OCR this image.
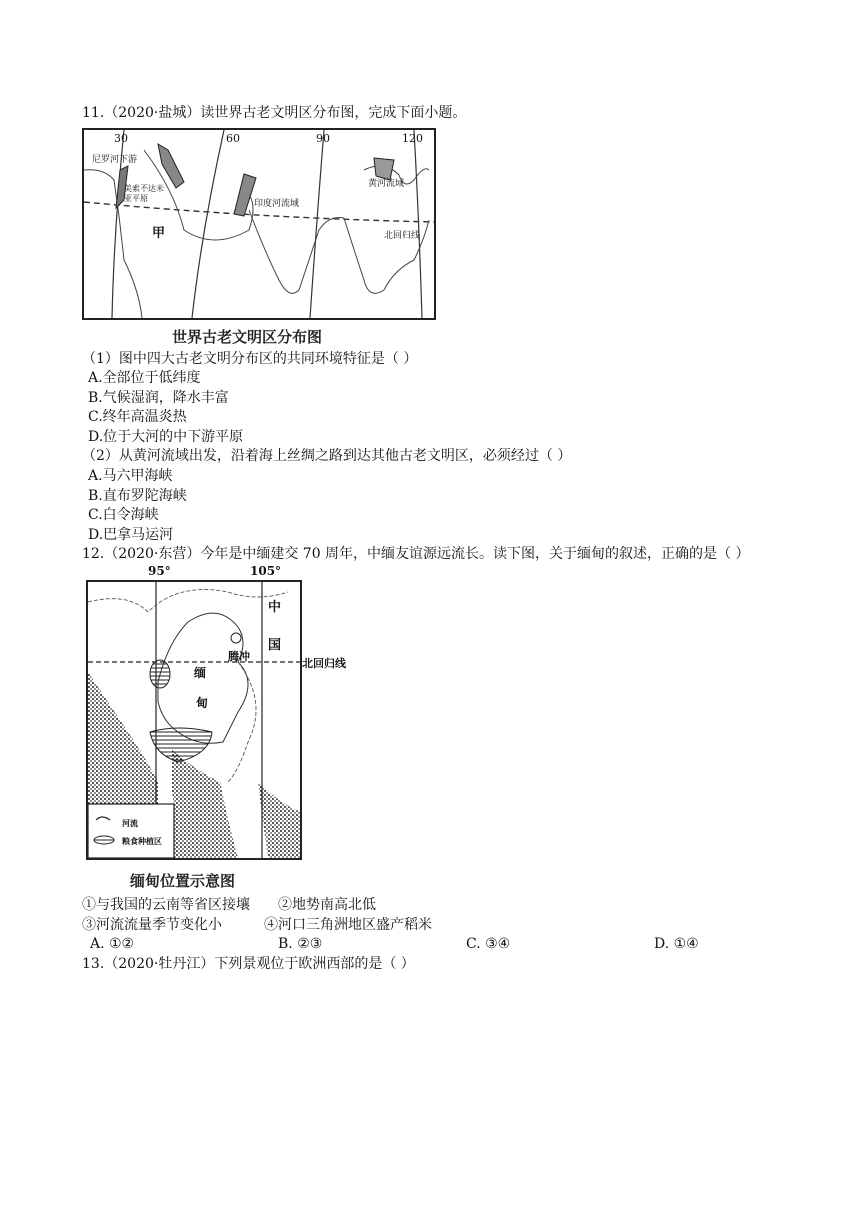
11.（2020·盐城）读世界古老文明区分布图，完成下面小题。
尼罗河下游
美索不达米亚平原
印度河流域
黄河流域
甲	北回归线
30	60	90	120
世界古老文明区分布图
（1）图中四大古老文明分布区的共同环境特征是（ ）
A.全部位于低纬度
B.气候湿润，降水丰富
C.终年高温炎热
D.位于大河的中下游平原
（2）从黄河流域出发，沿着海上丝绸之路到达其他古老文明区，必须经过（ ）
A.马六甲海峡
B.直布罗陀海峡
C.白令海峡
D.巴拿马运河
12.（2020·东营）今年是中缅建交 70 周年，中缅友谊源远流长。读下图，关于缅甸的叙述，正确的是（ ）
95°	105°
中
国
缅
甸
腾冲
河流
粮食种植区
北回归线
缅甸位置示意图
①与我国的云南等省区接壤 ②地势南高北低
③河流流量季节变化小	④河口三角洲地区盛产稻米
A. ①②	B. ②③	C. ③④	D. ①④
13.（2020·牡丹江）下列景观位于欧洲西部的是（ ）
